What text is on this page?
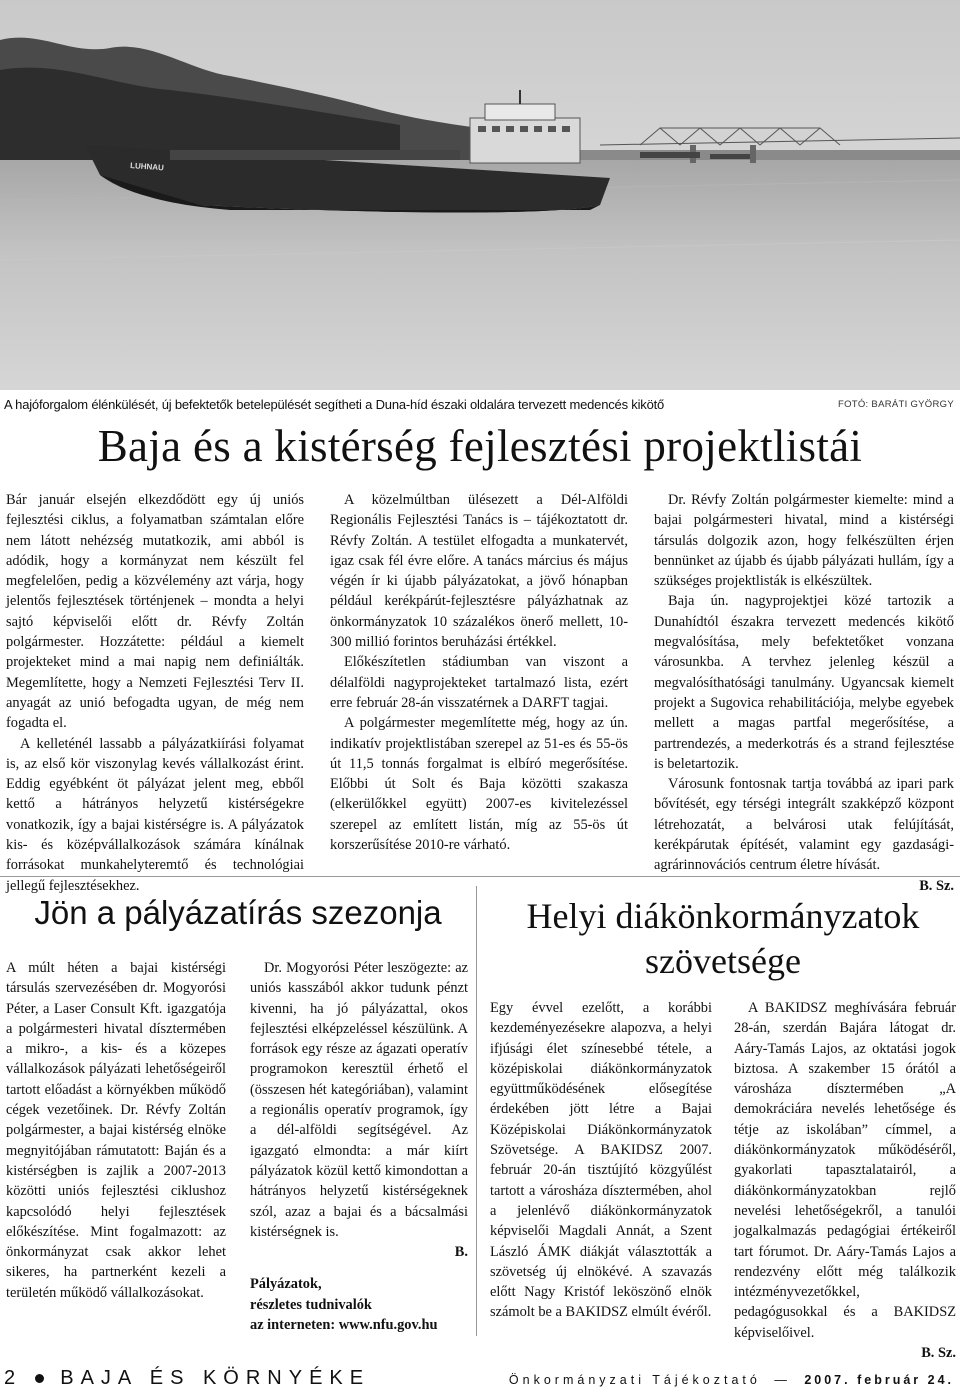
LUHNAU
A hajóforgalom élénkülését, új befektetők betelepülését segítheti a Duna-híd északi oldalára tervezett medencés kikötő	FOTÓ: BARÁTI GYÖRGY
Baja és a kistérség fejlesztési projektlistái

Bár január elsején elkezdődött egy új uniós fejlesztési ciklus, a folyamatban számtalan előre nem látott nehézség mutatkozik, ami abból is adódik, hogy a kormányzat nem készült fel megfelelően, pedig a közvélemény azt várja, hogy jelentős fejlesztések történjenek – mondta a helyi sajtó képviselői előtt dr. Révfy Zoltán polgármester. Hozzátette: például a kiemelt projekteket mind a mai napig nem definiálták. Megemlítette, hogy a Nemzeti Fejlesztési Terv II. anyagát az unió befogadta ugyan, de még nem fogadta el.

A kelleténél lassabb a pályázatkiírási folyamat is, az első kör viszonylag kevés vállalkozást érint. Eddig egyébként öt pályázat jelent meg, ebből kettő a hátrányos helyzetű kistérségekre vonatkozik, így a bajai kistérségre is. A pályázatok kis- és középvállalkozások számára kínálnak forrásokat munkahelyteremtő és technológiai jellegű fejlesztésekhez.

A közelmúltban ülésezett a Dél-Alföldi Regionális Fejlesztési Tanács is – tájékoztatott dr. Révfy Zoltán. A testület elfogadta a munkatervét, igaz csak fél évre előre. A tanács március és május végén ír ki újabb pályázatokat, a jövő hónapban például kerékpárút-fejlesztésre pályázhatnak az önkormányzatok 10 százalékos önerő mellett, 10-300 millió forintos beruházási értékkel.

Előkészítetlen stádiumban van viszont a délalföldi nagyprojekteket tartalmazó lista, ezért erre február 28-án visszatérnek a DARFT tagjai.

A polgármester megemlítette még, hogy az ún. indikatív projektlistában szerepel az 51-es és 55-ös út 11,5 tonnás forgalmat is elbíró megerősítése. Előbbi út Solt és Baja közötti szakasza (elkerülőkkel együtt) 2007-es kivitelezéssel szerepel az említett listán, míg az 55-ös út korszerűsítése 2010-re várható.

Dr. Révfy Zoltán polgármester kiemelte: mind a bajai polgármesteri hivatal, mind a kistérségi társulás dolgozik azon, hogy felkészülten érjen bennünket az újabb és újabb pályázati hullám, így a szükséges projektlisták is elkészültek.

Baja ún. nagyprojektjei közé tartozik a Dunahídtól északra tervezett medencés kikötő megvalósítása, mely befektetőket vonzana városunkba. A tervhez jelenleg készül a megvalósíthatósági tanulmány. Ugyancsak kiemelt projekt a Sugovica rehabilitációja, melybe egyebek mellett a magas partfal megerősítése, a partrendezés, a mederkotrás és a strand fejlesztése is beletartozik.

Városunk fontosnak tartja továbbá az ipari park bővítését, egy térségi integrált szakképző központ létrehozatát, a belvárosi utak felújítását, kerékpárutak építését, valamint egy gazdasági-agrárinnovációs centrum életre hívását.

B. Sz.
Jön a pályázatírás szezonja

A múlt héten a bajai kistérségi társulás szervezésében dr. Mogyorósi Péter, a Laser Consult Kft. igazgatója a polgármesteri hivatal dísztermében a mikro-, a kis- és a közepes vállalkozások pályázati lehetőségeiről tartott előadást a környékben működő cégek vezetőinek. Dr. Révfy Zoltán polgármester, a bajai kistérség elnöke megnyitójában rámutatott: Baján és a kistérségben is zajlik a 2007-2013 közötti uniós fejlesztési ciklushoz kapcsolódó helyi fejlesztések előkészítése. Mint fogalmazott: az önkormányzat csak akkor lehet sikeres, ha partnerként kezeli a területén működő vállalkozásokat.

Dr. Mogyorósi Péter leszögezte: az uniós kasszából akkor tudunk pénzt kivenni, ha jó pályázattal, okos fejlesztési elképzeléssel készülünk. A források egy része az ágazati operatív programokon keresztül érhető el (összesen hét kategóriában), valamint a regionális operatív programok, így a dél-alföldi segítségével. Az igazgató elmondta: a már kiírt pályázatok közül kettő kimondottan a hátrányos helyzetű kistérségeknek szól, azaz a bajai és a bácsalmási kistérségnek is.

B.
Pályázatok,
részletes tudnivalók
az interneten: www.nfu.gov.hu
Helyi diákönkormányzatok
szövetsége

Egy évvel ezelőtt, a korábbi kezdeményezésekre alapozva, a helyi ifjúsági élet színesebbé tétele, a középiskolai diákönkormányzatok együttműködésének elősegítése érdekében jött létre a Bajai Középiskolai Diákönkormányzatok Szövetsége. A BAKIDSZ 2007. február 20-án tisztújító közgyűlést tartott a városháza dísztermében, ahol a jelenlévő diákönkormányzatok képviselői Magdali Annát, a Szent László ÁMK diákját választották a szövetség új elnökévé. A szavazás előtt Nagy Kristóf leköszönő elnök számolt be a BAKIDSZ elmúlt évéről.

A BAKIDSZ meghívására február 28-án, szerdán Bajára látogat dr. Aáry-Tamás Lajos, az oktatási jogok biztosa. A szakember 15 órától a városháza dísztermében „A demokráciára nevelés lehetősége és tétje az iskolában” címmel, a diákönkormányzatok működéséről, gyakorlati tapasztalatairól, a diákönkormányzatokban rejlő nevelési lehetőségekről, a tanulói jogalkalmazás pedagógiai értékeiről tart fórumot. Dr. Aáry-Tamás Lajos a rendezvény előtt még találkozik intézményvezetőkkel, pedagógusokkal és a BAKIDSZ képviselőivel.

B. Sz.
2 BAJA ÉS KÖRNYÉKE	Önkormányzati Tájékoztató — 2007. február 24.
